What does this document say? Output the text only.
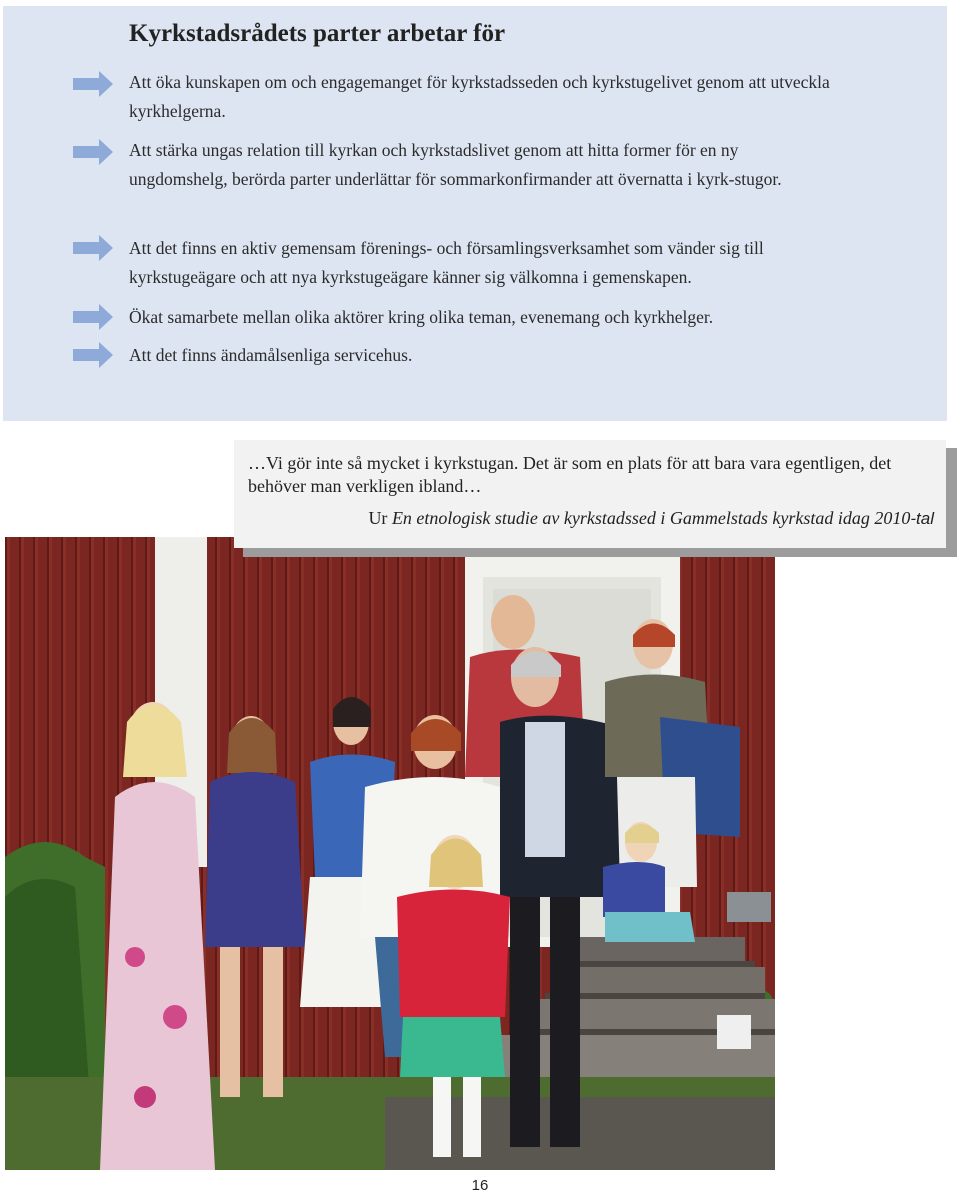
Kyrkstadsrådets parter arbetar för

Att öka kunskapen om och engagemanget för kyrkstadsseden och kyrkstugelivet genom att utveckla kyrkhelgerna.

Att stärka ungas relation till kyrkan och kyrkstadslivet genom att hitta former för en ny ungdomshelg, berörda parter underlättar för sommarkonfirmander att övernatta i kyrk-stugor.

Att det finns en aktiv gemensam förenings- och församlingsverksamhet som vänder sig till kyrkstugeägare och att nya kyrkstugeägare känner sig välkomna i gemenskapen.

Ökat samarbete mellan olika aktörer kring olika teman, evenemang och kyrkhelger.

Att det finns ändamålsenliga servicehus.

…Vi gör inte så mycket i kyrkstugan. Det är som en plats för att bara vara egentligen, det behöver man verkligen ibland…

Ur En etnologisk studie av kyrkstadssed i Gammelstads kyrkstad idag 2010-tal

16
